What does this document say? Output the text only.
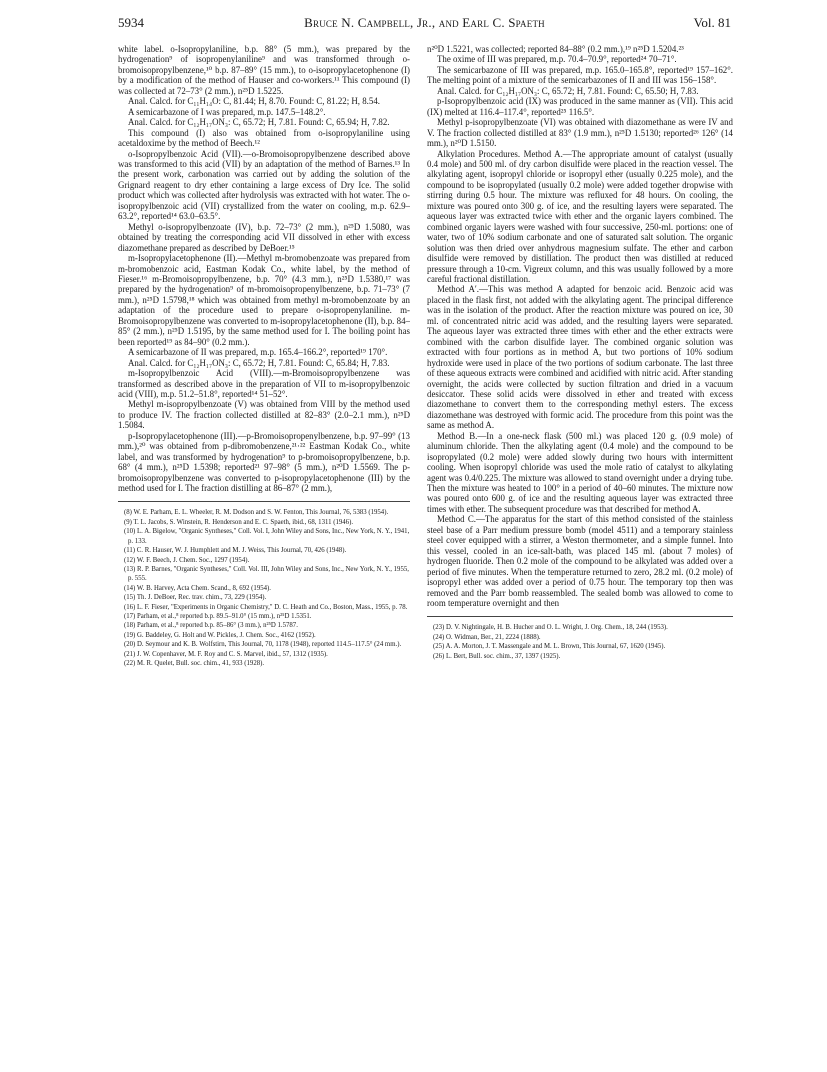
5934	Bruce N. Campbell, Jr., and Earl C. Spaeth	Vol. 81

white label. o-Isopropylaniline, b.p. 88° (5 mm.), was prepared by the hydrogenation⁹ of isopropenylaniline⁹ and was transformed through o-bromoisopropylbenzene,¹⁰ b.p. 87–89° (15 mm.), to o-isopropylacetophenone (I) by a modification of the method of Hauser and co-workers.¹¹ This compound (I) was collected at 72–73° (2 mm.), n²⁵D 1.5225.

Anal. Calcd. for C₁₁H₁₄O: C, 81.44; H, 8.70. Found: C, 81.22; H, 8.54.

A semicarbazone of I was prepared, m.p. 147.5–148.2°.

Anal. Calcd. for C₁₂H₁₇ON₃: C, 65.72; H, 7.81. Found: C, 65.94; H, 7.82.

This compound (I) also was obtained from o-isopropylaniline using acetaldoxime by the method of Beech.¹²

o-Isopropylbenzoic Acid (VII).—o-Bromoisopropylbenzene described above was transformed to this acid (VII) by an adaptation of the method of Barnes.¹³ In the present work, carbonation was carried out by adding the solution of the Grignard reagent to dry ether containing a large excess of Dry Ice. The solid product which was collected after hydrolysis was extracted with hot water. The o-isopropylbenzoic acid (VII) crystallized from the water on cooling, m.p. 62.9–63.2°, reported¹⁴ 63.0–63.5°.

Methyl o-isopropylbenzoate (IV), b.p. 72–73° (2 mm.), n²⁵D 1.5080, was obtained by treating the corresponding acid VII dissolved in ether with excess diazomethane prepared as described by DeBoer.¹⁵

m-Isopropylacetophenone (II).—Methyl m-bromobenzoate was prepared from m-bromobenzoic acid, Eastman Kodak Co., white label, by the method of Fieser.¹⁶ m-Bromoisopropylbenzene, b.p. 70° (4.3 mm.), n²⁵D 1.5380,¹⁷ was prepared by the hydrogenation⁹ of m-bromoisopropenylbenzene, b.p. 71–73° (7 mm.), n²⁵D 1.5798,¹⁸ which was obtained from methyl m-bromobenzoate by an adaptation of the procedure used to prepare o-isopropenylaniline. m-Bromoisopropylbenzene was converted to m-isopropylacetophenone (II), b.p. 84–85° (2 mm.), n²⁵D 1.5195, by the same method used for I. The boiling point has been reported¹⁹ as 84–90° (0.2 mm.).

A semicarbazone of II was prepared, m.p. 165.4–166.2°, reported¹⁹ 170°.

Anal. Calcd. for C₁₂H₁₇ON₃: C, 65.72; H, 7.81. Found: C, 65.84; H, 7.83.

m-Isopropylbenzoic Acid (VIII).—m-Bromoisopropylbenzene was transformed as described above in the preparation of VII to m-isopropylbenzoic acid (VIII), m.p. 51.2–51.8°, reported¹⁴ 51–52°.

Methyl m-isopropylbenzoate (V) was obtained from VIII by the method used to produce IV. The fraction collected distilled at 82–83° (2.0–2.1 mm.), n²⁵D 1.5084.

p-Isopropylacetophenone (III).—p-Bromoisopropenylbenzene, b.p. 97–99° (13 mm.),²⁰ was obtained from p-dibromobenzene,²¹·²² Eastman Kodak Co., white label, and was transformed by hydrogenation⁹ to p-bromoisopropylbenzene, b.p. 68° (4 mm.), n²⁵D 1.5398; reported²¹ 97–98° (5 mm.), n²⁰D 1.5569. The p-bromoisopropylbenzene was converted to p-isopropylacetophenone (III) by the method used for I. The fraction distilling at 86–87° (2 mm.),

(8) W. E. Parham, E. L. Wheeler, R. M. Dodson and S. W. Fenton, This Journal, 76, 5383 (1954).

(9) T. L. Jacobs, S. Winstein, R. Henderson and E. C. Spaeth, ibid., 68, 1311 (1946).

(10) L. A. Bigelow, "Organic Syntheses," Coll. Vol. I, John Wiley and Sons, Inc., New York, N. Y., 1941, p. 133.

(11) C. R. Hauser, W. J. Humphlett and M. J. Weiss, This Journal, 70, 426 (1948).

(12) W. F. Beech, J. Chem. Soc., 1297 (1954).

(13) R. P. Barnes, "Organic Syntheses," Coll. Vol. III, John Wiley and Sons, Inc., New York, N. Y., 1955, p. 555.

(14) W. B. Harvey, Acta Chem. Scand., 8, 692 (1954).

(15) Th. J. DeBoer, Rec. trav. chim., 73, 229 (1954).

(16) L. F. Fieser, "Experiments in Organic Chemistry," D. C. Heath and Co., Boston, Mass., 1955, p. 78.

(17) Parham, et al.,⁸ reported b.p. 89.5–91.0° (15 mm.), n²⁵D 1.5351.

(18) Parham, et al.,⁸ reported b.p. 85–86° (3 mm.), n²⁵D 1.5787.

(19) G. Baddeley, G. Holt and W. Pickles, J. Chem. Soc., 4162 (1952).

(20) D. Seymour and K. B. Wolfstirn, This Journal, 70, 1178 (1948), reported 114.5–117.5° (24 mm.).

(21) J. W. Copenhaver, M. F. Roy and C. S. Marvel, ibid., 57, 1312 (1935).

(22) M. R. Quelet, Bull. soc. chim., 41, 933 (1928).

n²⁰D 1.5221, was collected; reported 84–88° (0.2 mm.),¹⁹ n²⁵D 1.5204.²³

The oxime of III was prepared, m.p. 70.4–70.9°, reported²⁴ 70–71°.

The semicarbazone of III was prepared, m.p. 165.0–165.8°, reported¹⁹ 157–162°. The melting point of a mixture of the semicarbazones of II and III was 156–158°.

Anal. Calcd. for C₁₂H₁₇ON₃: C, 65.72; H, 7.81. Found: C, 65.50; H, 7.83.

p-Isopropylbenzoic acid (IX) was produced in the same manner as (VII). This acid (IX) melted at 116.4–117.4°, reported²⁵ 116.5°.

Methyl p-isopropylbenzoate (VI) was obtained with diazomethane as were IV and V. The fraction collected distilled at 83° (1.9 mm.), n²⁵D 1.5130; reported²⁶ 126° (14 mm.), n²⁰D 1.5150.

Alkylation Procedures. Method A.—The appropriate amount of catalyst (usually 0.4 mole) and 500 ml. of dry carbon disulfide were placed in the reaction vessel. The alkylating agent, isopropyl chloride or isopropyl ether (usually 0.225 mole), and the compound to be isopropylated (usually 0.2 mole) were added together dropwise with stirring during 0.5 hour. The mixture was refluxed for 48 hours. On cooling, the mixture was poured onto 300 g. of ice, and the resulting layers were separated. The aqueous layer was extracted twice with ether and the organic layers combined. The combined organic layers were washed with four successive, 250-ml. portions: one of water, two of 10% sodium carbonate and one of saturated salt solution. The organic solution was then dried over anhydrous magnesium sulfate. The ether and carbon disulfide were removed by distillation. The product then was distilled at reduced pressure through a 10-cm. Vigreux column, and this was usually followed by a more careful fractional distillation.

Method A′.—This was method A adapted for benzoic acid. Benzoic acid was placed in the flask first, not added with the alkylating agent. The principal difference was in the isolation of the product. After the reaction mixture was poured on ice, 30 ml. of concentrated nitric acid was added, and the resulting layers were separated. The aqueous layer was extracted three times with ether and the ether extracts were combined with the carbon disulfide layer. The combined organic solution was extracted with four portions as in method A, but two portions of 10% sodium hydroxide were used in place of the two portions of sodium carbonate. The last three of these aqueous extracts were combined and acidified with nitric acid. After standing overnight, the acids were collected by suction filtration and dried in a vacuum desiccator. These solid acids were dissolved in ether and treated with excess diazomethane to convert them to the corresponding methyl esters. The excess diazomethane was destroyed with formic acid. The procedure from this point was the same as method A.

Method B.—In a one-neck flask (500 ml.) was placed 120 g. (0.9 mole) of aluminum chloride. Then the alkylating agent (0.4 mole) and the compound to be isopropylated (0.2 mole) were added slowly during two hours with intermittent cooling. When isopropyl chloride was used the mole ratio of catalyst to alkylating agent was 0.4/0.225. The mixture was allowed to stand overnight under a drying tube. Then the mixture was heated to 100° in a period of 40–60 minutes. The mixture now was poured onto 600 g. of ice and the resulting aqueous layer was extracted three times with ether. The subsequent procedure was that described for method A.

Method C.—The apparatus for the start of this method consisted of the stainless steel base of a Parr medium pressure bomb (model 4511) and a temporary stainless steel cover equipped with a stirrer, a Weston thermometer, and a simple funnel. Into this vessel, cooled in an ice-salt-bath, was placed 145 ml. (about 7 moles) of hydrogen fluoride. Then 0.2 mole of the compound to be alkylated was added over a period of five minutes. When the temperature returned to zero, 28.2 ml. (0.2 mole) of isopropyl ether was added over a period of 0.75 hour. The temporary top then was removed and the Parr bomb reassembled. The sealed bomb was allowed to come to room temperature overnight and then

(23) D. V. Nightingale, H. B. Hucher and O. L. Wright, J. Org. Chem., 18, 244 (1953).

(24) O. Widman, Ber., 21, 2224 (1888).

(25) A. A. Morton, J. T. Massengale and M. L. Brown, This Journal, 67, 1620 (1945).

(26) L. Bert, Bull. soc. chim., 37, 1397 (1925).
